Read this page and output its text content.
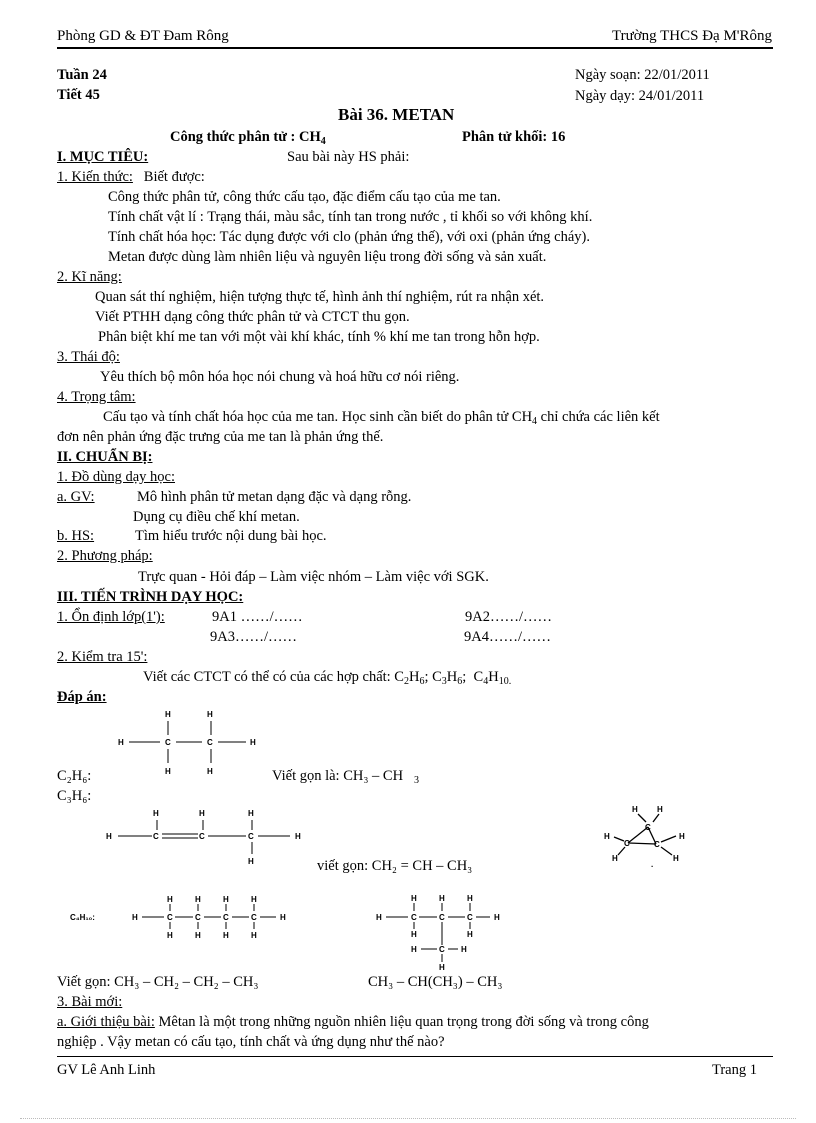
Phòng GD & ĐT Đam Rông	Trường THCS Đạ M'Rông
Tuần 24
Tiết 45
Ngày soạn: 22/01/2011
Ngày dạy: 24/01/2011
Bài 36. METAN
Công thức phân tử : $CH_4$	Phân tử khối: 16
I. MỤC TIÊU:	Sau bài này HS phải:
1. Kiến thức: Biết được:
Công thức phân tử, công thức cấu tạo, đặc điểm cấu tạo của me tan.
Tính chất vật lí : Trạng thái, màu sắc, tính tan trong nước , tỉ khối so với không khí.
Tính chất hóa học: Tác dụng được với clo (phản ứng thế), với oxi (phản ứng cháy).
Metan được dùng làm nhiên liệu và nguyên liệu trong đời sống và sản xuất.
2. Kĩ năng:
Quan sát thí nghiệm, hiện tượng thực tế, hình ảnh thí nghiệm, rút ra nhận xét.
Viết PTHH dạng công thức phân tử và CTCT thu gọn.
Phân biệt khí me tan với một vài khí khác, tính % khí me tan trong hỗn hợp.
3. Thái độ:
Yêu thích bộ môn hóa học nói chung và hoá hữu cơ nói riêng.
4. Trọng tâm:
Cấu tạo và tính chất hóa học của me tan. Học sinh cần biết do phân tử $CH_4$ chỉ chứa các liên kết
đơn nên phản ứng đặc trưng của me tan là phản ứng thế.
II. CHUẨN BỊ:
1. Đồ dùng dạy học:
a. GV:	Mô hình phân tử metan dạng đặc và dạng rỗng.
Dụng cụ điều chế khí metan.
b. HS:	Tìm hiểu trước nội dung bài học.
2. Phương pháp:
Trực quan - Hỏi đáp – Làm việc nhóm – Làm việc với SGK.
III. TIẾN TRÌNH DẠY HỌC:
1. Ổn định lớp(1'):	9A1 ……/……	9A2……/……
9A3……/……	9A4……/……
2. Kiểm tra 15':
Viết các CTCT có thể có của các hợp chất: $C_2H_6$; $C_3H_6$;  $C_4H_{10.}$
Đáp án:
H
H	H
C	C	H
H	H
C₂H₆:	Viết gọn là: CH₃ – CH $_3$
C₃H₆:
H
H	H	H
C	C	C	H
H	viết gọn: CH₂ = CH – CH₃
H H
C
H
C	C
H
H	H
.
C₄H₁₀:	H
H	H	H	H
C	C	C	C	H
H	H	H	H
H
H	H	H
C	C	C	H
H	H
H	C H
H
Viết gọn: CH₃ – CH₂ – CH₂ – CH₃	CH₃ – CH(CH₃) – CH₃
3. Bài mới:
a. Giới thiệu bài: Mêtan là một trong những nguồn nhiên liệu quan trọng trong đời sống và trong công
nghiệp . Vậy metan có cấu tạo, tính chất và ứng dụng như thế nào?
GV Lê Anh Linh	Trang 1
